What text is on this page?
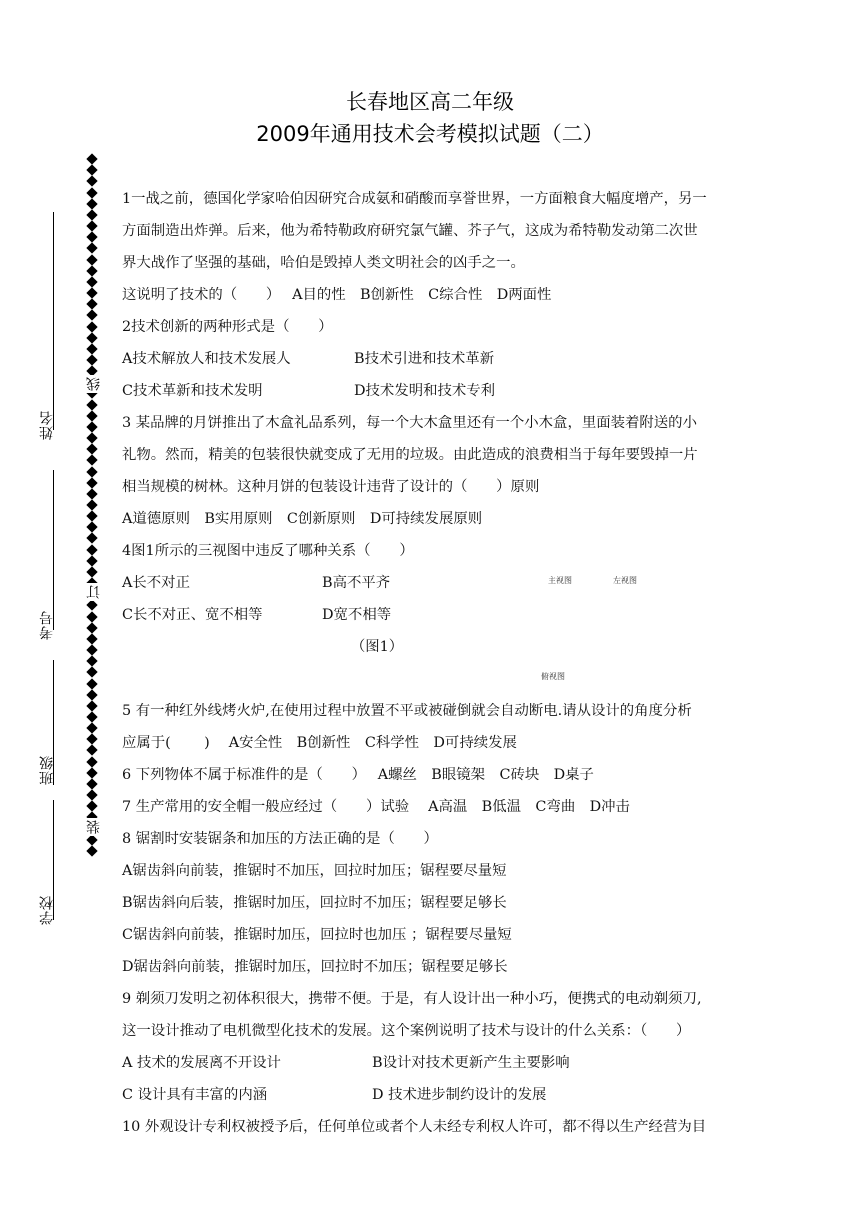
长春地区高二年级
2009年通用技术会考模拟试题（二）
姓名
考号
班级
学校
线
订
装
1一战之前，德国化学家哈伯因研究合成氨和硝酸而享誉世界，一方面粮食大幅度增产，另一
方面制造出炸弹。后来，他为希特勒政府研究氯气罐、芥子气，这成为希特勒发动第二次世
界大战作了坚强的基础，哈伯是毁掉人类文明社会的凶手之一。
这说明了技术的（　　）　 A目的性　B创新性　C综合性　D两面性
2技术创新的两种形式是（　　）
A技术解放人和技术发展人	B技术引进和技术革新
C技术革新和技术发明	D技术发明和技术专利
3 某品牌的月饼推出了木盒礼品系列，每一个大木盒里还有一个小木盒，里面装着附送的小
礼物。然而，精美的包装很快就变成了无用的垃圾。由此造成的浪费相当于每年要毁掉一片
相当规模的树林。这种月饼的包装设计违背了设计的（　　）原则
A道德原则　B实用原则　C创新原则　D可持续发展原则
4图1所示的三视图中违反了哪种关系（　　）
A长不对正	B高不平齐
C长不对正、宽不相等	D宽不相等
（图1）
5 有一种红外线烤火炉,在使用过程中放置不平或被碰倒就会自动断电.请从设计的角度分析
应属于(　　 )　 A安全性　B创新性　C科学性　D可持续发展
6 下列物体不属于标准件的是（　　）　 A螺丝　B眼镜架　C砖块　D桌子
7 生产常用的安全帽一般应经过（　　）试验　 A高温　B低温　C弯曲　D冲击
8 锯割时安装锯条和加压的方法正确的是（　　）
A锯齿斜向前装，推锯时不加压，回拉时加压；锯程要尽量短
B锯齿斜向后装，推锯时加压，回拉时不加压；锯程要足够长
C锯齿斜向前装，推锯时加压，回拉时也加压 ；锯程要尽量短
D锯齿斜向前装，推锯时加压，回拉时不加压；锯程要足够长
9 剃须刀发明之初体积很大，携带不便。于是，有人设计出一种小巧，便携式的电动剃须刀,
这一设计推动了电机微型化技术的发展。这个案例说明了技术与设计的什么关系：（　　）
A 技术的发展离不开设计	B设计对技术更新产生主要影响
C 设计具有丰富的内涵	D 技术进步制约设计的发展
10 外观设计专利权被授予后，任何单位或者个人未经专利权人许可，都不得以生产经营为目
主视图	左视图
俯视图
